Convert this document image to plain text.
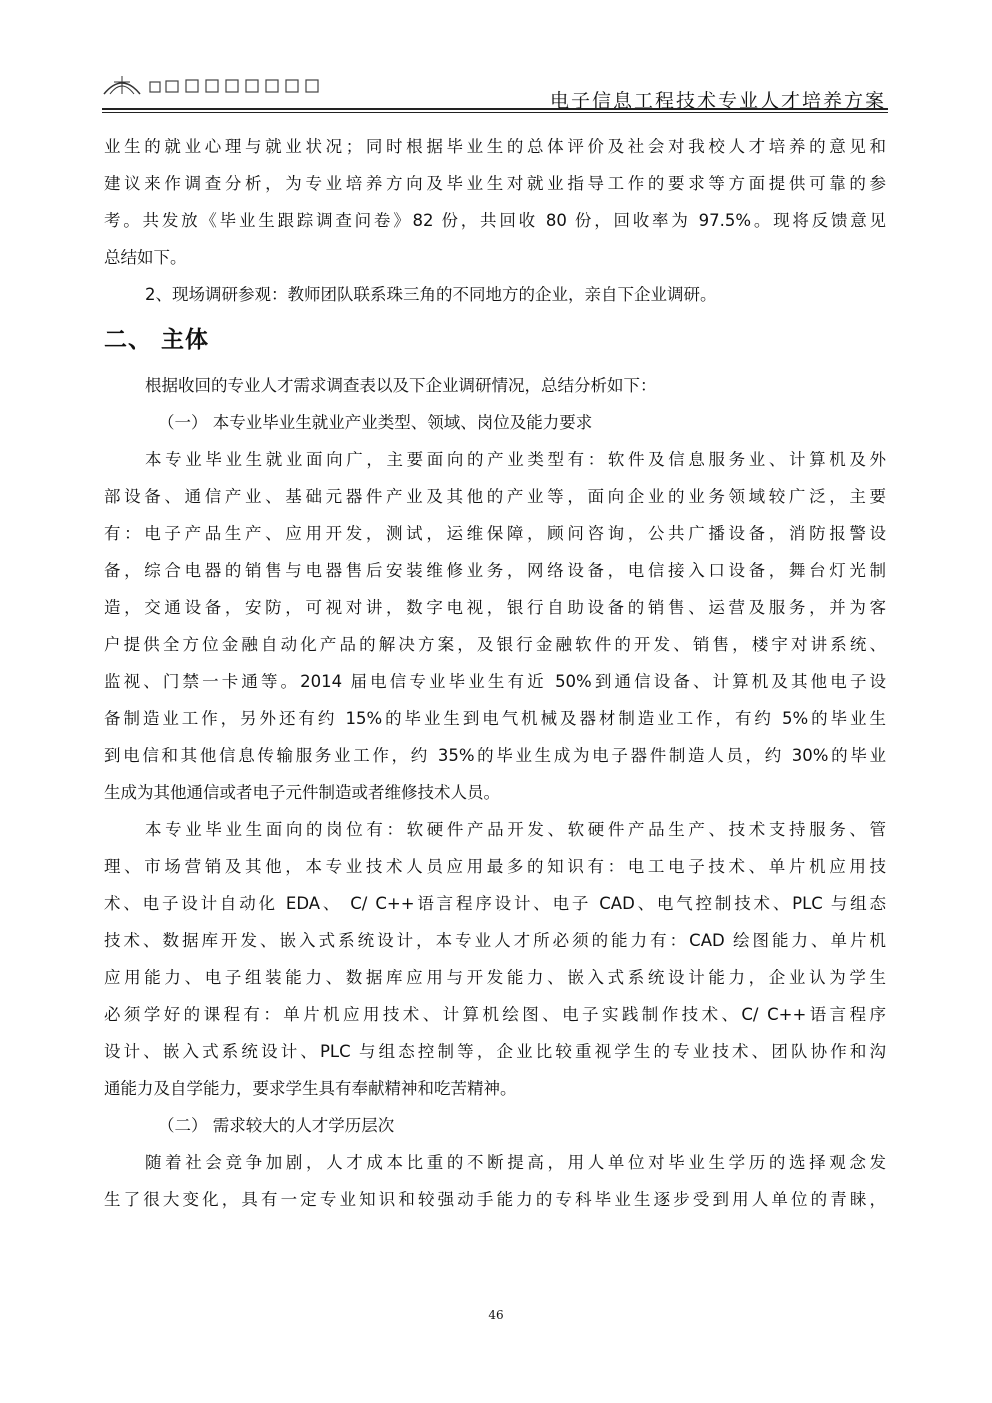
电子信息工程技术专业人才培养方案

业生的就业心理与就业状况；同时根据毕业生的总体评价及社会对我校人才培养的意见和

建议来作调查分析，为专业培养方向及毕业生对就业指导工作的要求等方面提供可靠的参

考。共发放《毕业生跟踪调查问卷》82 份，共回收 80 份，回收率为 97.5%。现将反馈意见

总结如下。

2、现场调研参观：教师团队联系珠三角的不同地方的企业，亲自下企业调研。

二、 主体

根据收回的专业人才需求调查表以及下企业调研情况，总结分析如下：

（一） 本专业毕业生就业产业类型、领域、岗位及能力要求

本专业毕业生就业面向广，主要面向的产业类型有：软件及信息服务业、计算机及外

部设备、通信产业、基础元器件产业及其他的产业等，面向企业的业务领域较广泛，主要

有：电子产品生产、应用开发，测试，运维保障，顾问咨询，公共广播设备，消防报警设

备，综合电器的销售与电器售后安装维修业务，网络设备，电信接入口设备，舞台灯光制

造，交通设备，安防，可视对讲，数字电视，银行自助设备的销售、运营及服务，并为客

户提供全方位金融自动化产品的解决方案，及银行金融软件的开发、销售，楼宇对讲系统、

监视、门禁一卡通等。2014 届电信专业毕业生有近 50%到通信设备、计算机及其他电子设

备制造业工作，另外还有约 15%的毕业生到电气机械及器材制造业工作，有约 5%的毕业生

到电信和其他信息传输服务业工作，约 35%的毕业生成为电子器件制造人员，约 30%的毕业

生成为其他通信或者电子元件制造或者维修技术人员。

本专业毕业生面向的岗位有：软硬件产品开发、软硬件产品生产、技术支持服务、管

理、市场营销及其他，本专业技术人员应用最多的知识有：电工电子技术、单片机应用技

术、电子设计自动化 EDA、 C/ C++语言程序设计、电子 CAD、电气控制技术、PLC 与组态

技术、数据库开发、嵌入式系统设计，本专业人才所必须的能力有：CAD 绘图能力、单片机

应用能力、电子组装能力、数据库应用与开发能力、嵌入式系统设计能力，企业认为学生

必须学好的课程有：单片机应用技术、计算机绘图、电子实践制作技术、C/ C++语言程序

设计、嵌入式系统设计、PLC 与组态控制等，企业比较重视学生的专业技术、团队协作和沟

通能力及自学能力，要求学生具有奉献精神和吃苦精神。

（二） 需求较大的人才学历层次

随着社会竞争加剧，人才成本比重的不断提高，用人单位对毕业生学历的选择观念发

生了很大变化，具有一定专业知识和较强动手能力的专科毕业生逐步受到用人单位的青睐，

46
